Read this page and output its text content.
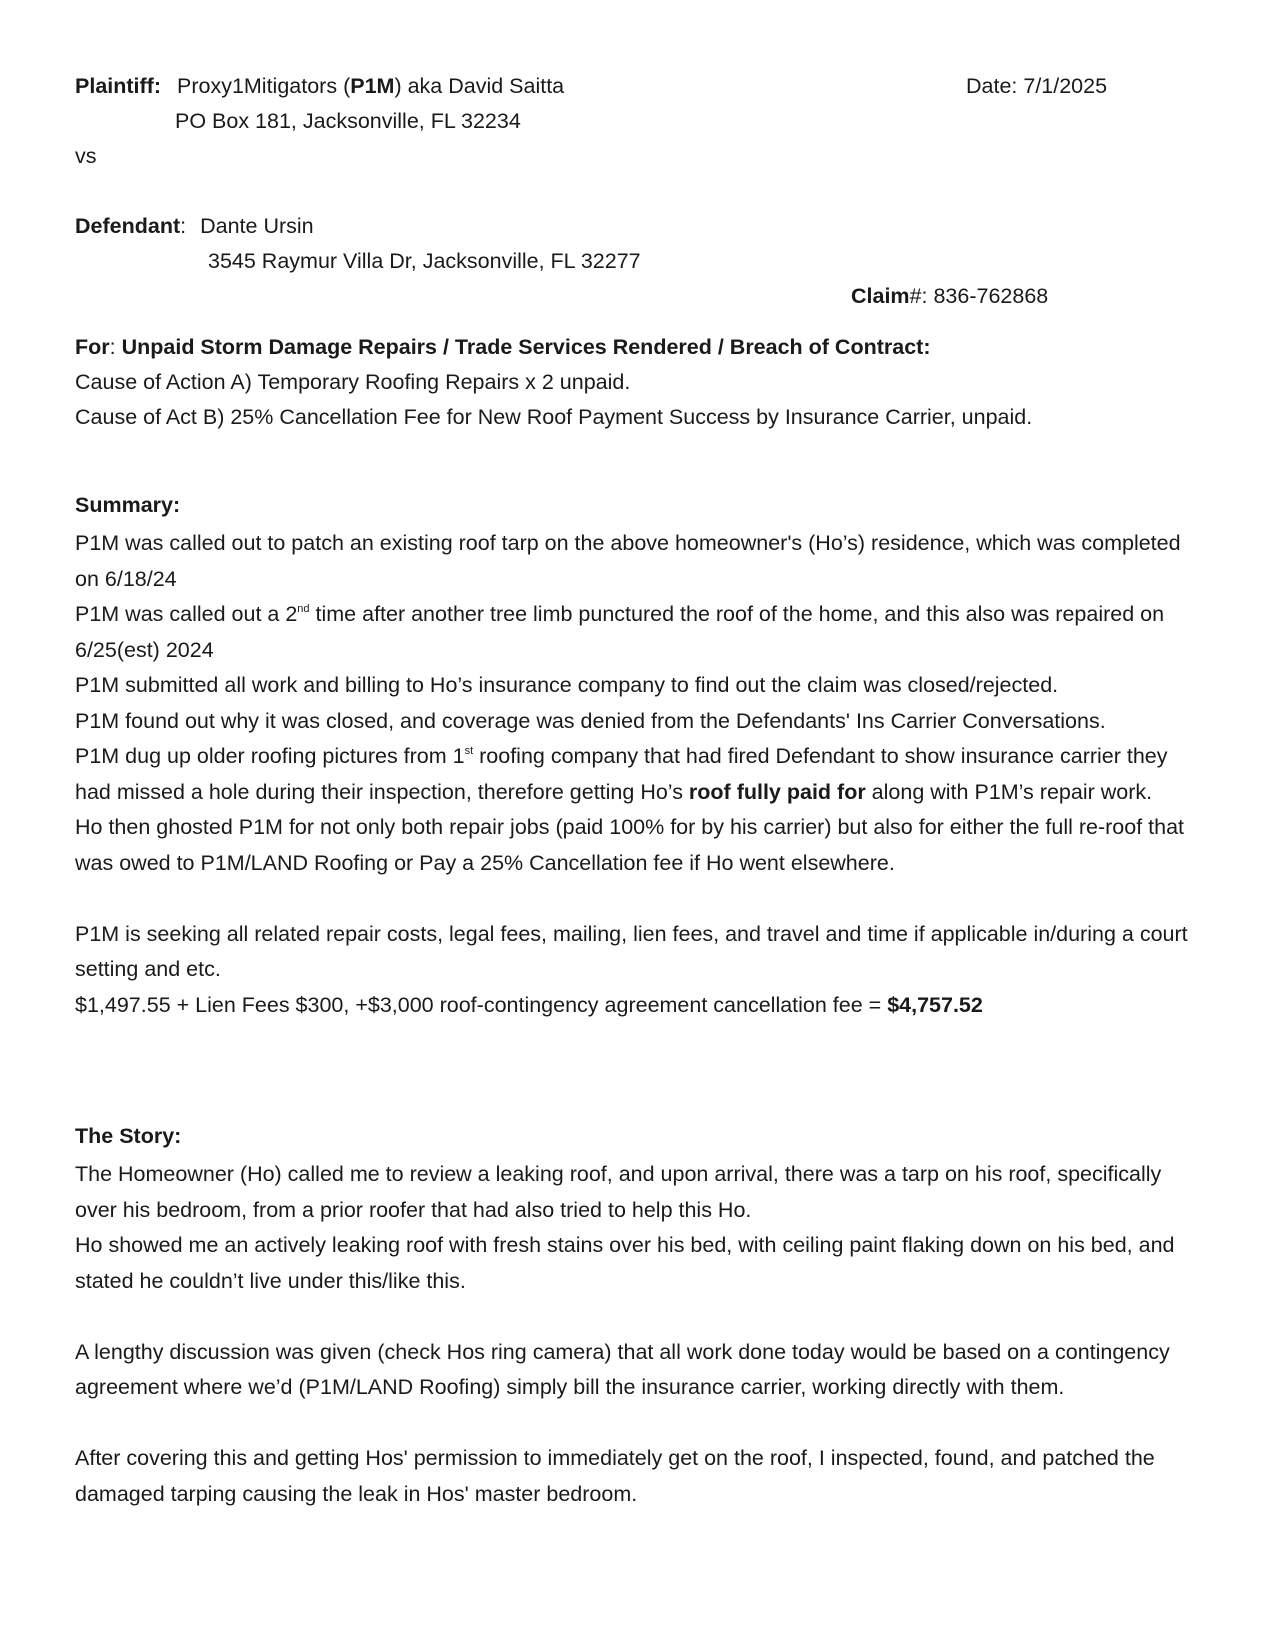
Plaintiff: Proxy1Mitigators (P1M) aka David Saitta	Date: 7/1/2025
PO Box 181, Jacksonville, FL 32234
vs
Defendant: Dante Ursin
3545 Raymur Villa Dr, Jacksonville, FL 32277
Claim#: 836-762868
For: Unpaid Storm Damage Repairs / Trade Services Rendered / Breach of Contract:
Cause of Action A) Temporary Roofing Repairs x 2 unpaid.
Cause of Act B) 25% Cancellation Fee for New Roof Payment Success by Insurance Carrier, unpaid.
Summary:

P1M was called out to patch an existing roof tarp on the above homeowner's (Ho’s) residence, which was completed on 6/18/24

P1M was called out a 2nd time after another tree limb punctured the roof of the home, and this also was repaired on 6/25(est) 2024

P1M submitted all work and billing to Ho’s insurance company to find out the claim was closed/rejected.

P1M found out why it was closed, and coverage was denied from the Defendants' Ins Carrier Conversations.

P1M dug up older roofing pictures from 1st roofing company that had fired Defendant to show insurance carrier they had missed a hole during their inspection, therefore getting Ho’s roof fully paid for along with P1M’s repair work.

Ho then ghosted P1M for not only both repair jobs (paid 100% for by his carrier) but also for either the full re-roof that was owed to P1M/LAND Roofing or Pay a 25% Cancellation fee if Ho went elsewhere.

P1M is seeking all related repair costs, legal fees, mailing, lien fees, and travel and time if applicable in/during a court setting and etc.

$1,497.55 + Lien Fees $300, +$3,000 roof-contingency agreement cancellation fee = $4,757.52

The Story:

The Homeowner (Ho) called me to review a leaking roof, and upon arrival, there was a tarp on his roof, specifically over his bedroom, from a prior roofer that had also tried to help this Ho.

Ho showed me an actively leaking roof with fresh stains over his bed, with ceiling paint flaking down on his bed, and stated he couldn’t live under this/like this.

A lengthy discussion was given (check Hos ring camera) that all work done today would be based on a contingency agreement where we’d (P1M/LAND Roofing) simply bill the insurance carrier, working directly with them.

After covering this and getting Hos' permission to immediately get on the roof, I inspected, found, and patched the damaged tarping causing the leak in Hos' master bedroom.
